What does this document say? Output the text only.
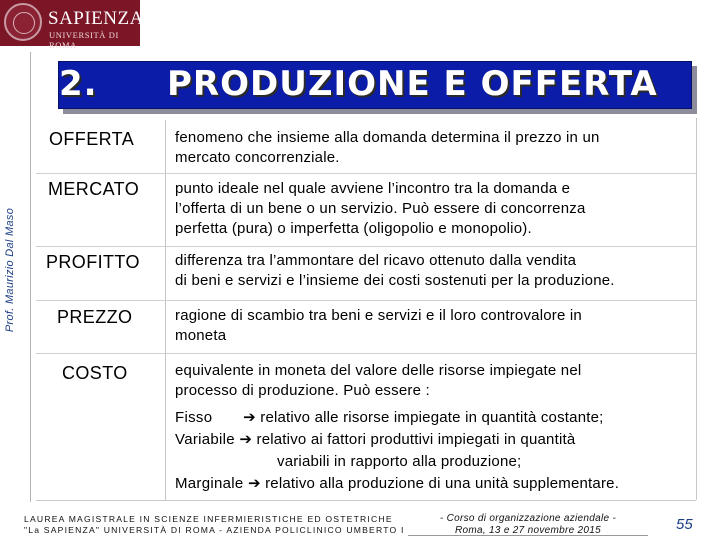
SAPIENZA
UNIVERSITÀ DI ROMA
Prof. Maurizio Dal Maso
2. PRODUZIONE E OFFERTA
OFFERTA	fenomeno che insieme alla domanda determina il prezzo in un
mercato concorrenziale.
MERCATO punto ideale nel quale avviene l’incontro tra la domanda e
l’offerta di un bene o un servizio. Può essere di concorrenza
perfetta (pura) o imperfetta (oligopolio e monopolio).
PROFITTO differenza tra l’ammontare del ricavo ottenuto dalla vendita
di beni e servizi e l’insieme dei costi sostenuti per la produzione.
PREZZO	ragione di scambio tra beni e servizi e il loro controvalore in
moneta
COSTO	equivalente in moneta del valore delle risorse impiegate nel
processo di produzione. Può essere :
Fisso ➔ relativo alle risorse impiegate in quantità costante;
Variabile ➔ relativo ai fattori produttivi impiegati in quantità
variabili in rapporto alla produzione;
Marginale ➔ relativo alla produzione di una unità supplementare.
LAUREA MAGISTRALE IN SCIENZE INFERMIERISTICHE ED OSTETRICHE
"La SAPIENZA" UNIVERSITÀ DI ROMA - AZIENDA POLICLINICO UMBERTO I
- Corso di organizzazione aziendale -
Roma, 13 e 27 novembre 2015	55
